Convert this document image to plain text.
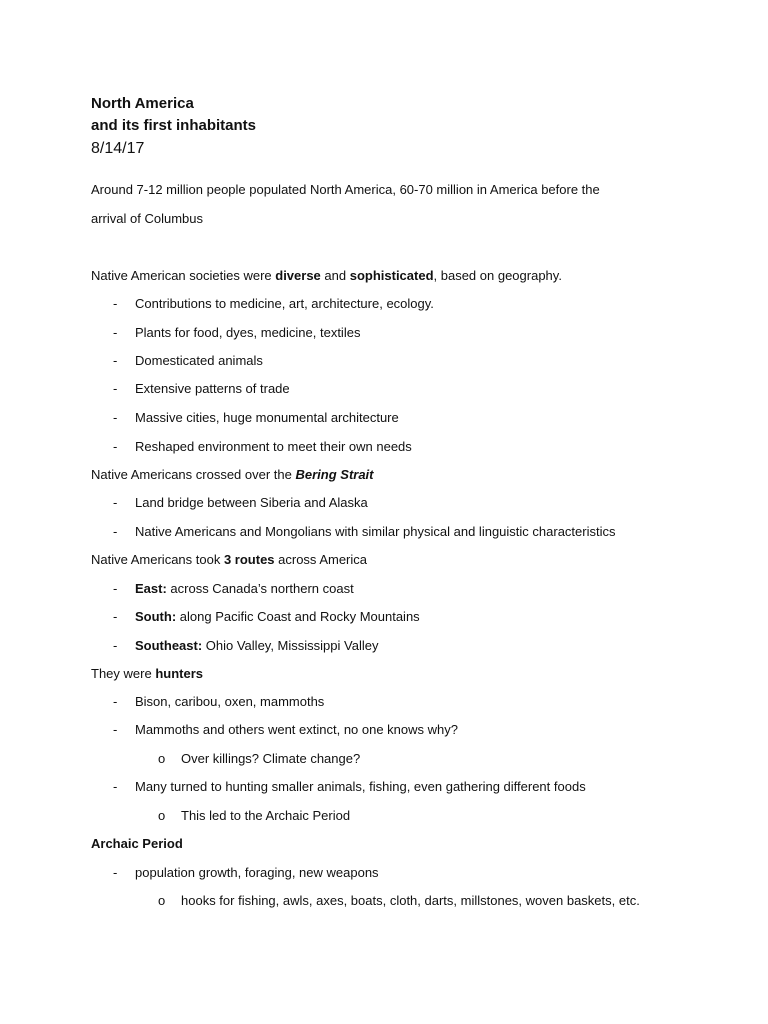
North America
and its first inhabitants
8/14/17
Around 7-12 million people populated North America, 60-70 million in America before the
arrival of Columbus
Native American societies were diverse and sophisticated, based on geography.
- Contributions to medicine, art, architecture, ecology.
- Plants for food, dyes, medicine, textiles
- Domesticated animals
- Extensive patterns of trade
- Massive cities, huge monumental architecture
- Reshaped environment to meet their own needs
Native Americans crossed over the Bering Strait
- Land bridge between Siberia and Alaska
- Native Americans and Mongolians with similar physical and linguistic characteristics
Native Americans took 3 routes across America
- East: across Canada’s northern coast
- South: along Pacific Coast and Rocky Mountains
- Southeast: Ohio Valley, Mississippi Valley
They were hunters
- Bison, caribou, oxen, mammoths
- Mammoths and others went extinct, no one knows why?
o Over killings? Climate change?
- Many turned to hunting smaller animals, fishing, even gathering different foods
o This led to the Archaic Period
Archaic Period
- population growth, foraging, new weapons
o hooks for fishing, awls, axes, boats, cloth, darts, millstones, woven baskets, etc.
